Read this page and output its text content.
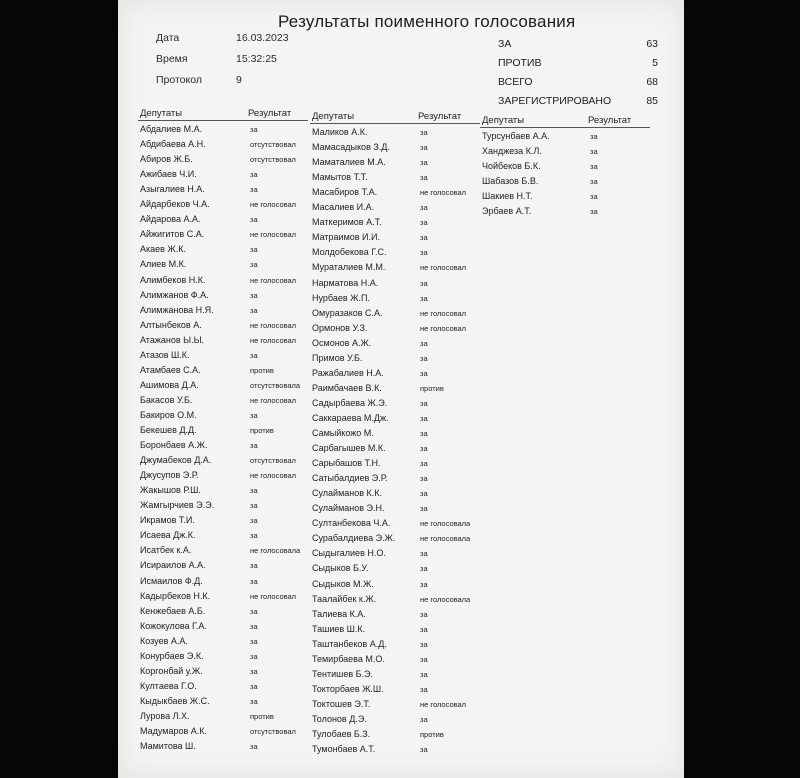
Результаты поименного голосования
Дата	16.03.2023
Время	15:32:25
Протокол	9
ЗА	63
ПРОТИВ	5
ВСЕГО	68
ЗАРЕГИСТРИРОВАНО	85
Депутаты	Результат
Абдалиев М.А.	за
Абдибаева А.Н.	отсутствовал
Абиров Ж.Б.	отсутствовал
Ажибаев Ч.И.	за
Азыгалиев Н.А.	за
Айдарбеков Ч.А.	не голосовал
Айдарова А.А.	за
Айжигитов С.А.	не голосовал
Акаев Ж.К.	за
Алиев М.К.	за
Алимбеков Н.К.	не голосовал
Алимжанов Ф.А.	за
Алимжанова Н.Я.	за
Алтынбеков А.	не голосовал
Атажанов Ы.Ы.	не голосовал
Атазов Ш.К.	за
Атамбаев С.А.	против
Ашимова Д.А.	отсутствовала
Бакасов У.Б.	не голосовал
Бакиров О.М.	за
Бекешев Д.Д.	против
Боронбаев А.Ж.	за
Джумабеков Д.А.	отсутствовал
Джусупов Э.Р.	не голосовал
Жакышов Р.Ш.	за
Жамгырчиев Э.Э.	за
Икрамов Т.И.	за
Исаева Дж.К.	за
Исатбек к.А.	не голосовала
Исираилов А.А.	за
Исмаилов Ф.Д.	за
Кадырбеков Н.К.	не голосовал
Кенжебаев А.Б.	за
Кожокулова Г.А.	за
Козуев А.А.	за
Конурбаев Э.К.	за
Коргонбай у.Ж.	за
Култаева Г.О.	за
Кыдыкбаев Ж.С.	за
Лурова Л.Х.	против
Мадумаров А.К.	отсутствовал
Мамитова Ш.	за
Депутаты	Результат
Маликов А.К.	за
Мамасадыков З.Д.	за
Маматалиев М.А.	за
Мамытов Т.Т.	за
Масабиров Т.А.	не голосовал
Масалиев И.А.	за
Маткеримов А.Т.	за
Матраимов И.И.	за
Молдобекова Г.С.	за
Мураталиев М.М.	не голосовал
Нарматова Н.А.	за
Нурбаев Ж.П.	за
Омуразаков С.А.	не голосовал
Ормонов У.З.	не голосовал
Осмонов А.Ж.	за
Примов У.Б.	за
Ражабалиев Н.А.	за
Раимбачаев В.К.	против
Садырбаева Ж.Э.	за
Саккараева М.Дж.	за
Самыйкожо М.	за
Сарбагышев М.К.	за
Сарыбашов Т.Н.	за
Сатыбалдиев Э.Р.	за
Сулайманов К.К.	за
Сулайманов Э.Н.	за
Султанбекова Ч.А.	не голосовала
Сурабалдиева Э.Ж.	не голосовала
Сыдыгалиев Н.О.	за
Сыдыков Б.У.	за
Сыдыков М.Ж.	за
Таалайбек к.Ж.	не голосовала
Талиева К.А.	за
Ташиев Ш.К.	за
Таштанбеков А.Д.	за
Темирбаева М.О.	за
Тентишев Б.Э.	за
Токторбаев Ж.Ш.	за
Токтошев Э.Т.	не голосовал
Толонов Д.Э.	за
Тулобаев Б.З.	против
Тумонбаев А.Т.	за
Депутаты	Результат
Турсунбаев А.А.	за
Ханджеза К.Л.	за
Чойбеков Б.К.	за
Шабазов Б.В.	за
Шакиев Н.Т.	за
Эрбаев А.Т.	за
